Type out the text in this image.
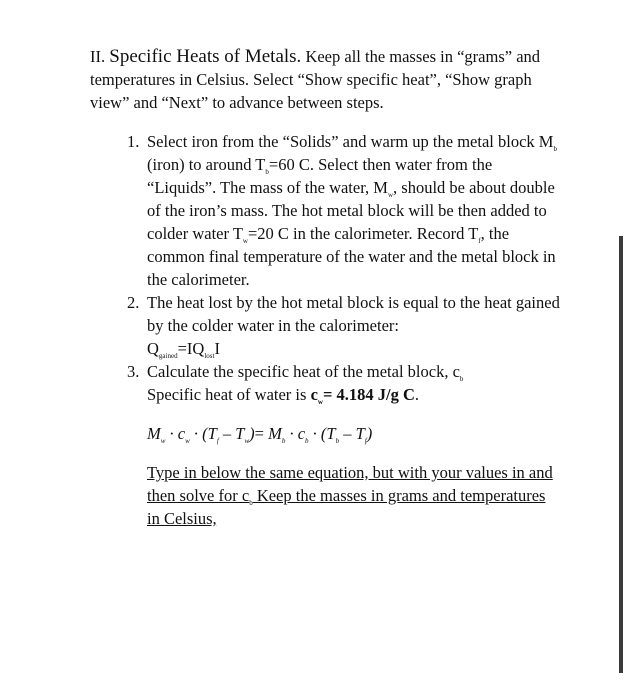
II. Specific Heats of Metals. Keep all the masses in “grams” and temperatures in Celsius. Select “Show specific heat”, “Show graph view” and “Next” to advance between steps.

1. Select iron from the “Solids” and warm up the metal block $M_b$ (iron) to around $T_b=60$ C. Select then water from the “Liquids”. The mass of the water, $M_w$, should be about double of the iron’s mass. The hot metal block will be then added to colder water $T_w=20$ C in the calorimeter. Record $T_f$, the common final temperature of the water and the metal block in the calorimeter.
2. The heat lost by the hot metal block is equal to the heat gained by the colder water in the calorimeter:
$Q_{gained}=IQ_{lost}I$
3. Calculate the specific heat of the metal block, $c_b$
Specific heat of water is $c_w= 4.184$ J/g C.

$M_w \cdot c_w \cdot (T_f - T_w)= M_b \cdot c_b \cdot (T_b - T_f)$

Type in below the same equation, but with your values in and then solve for $c_b$ Keep the masses in grams and temperatures in Celsius,
